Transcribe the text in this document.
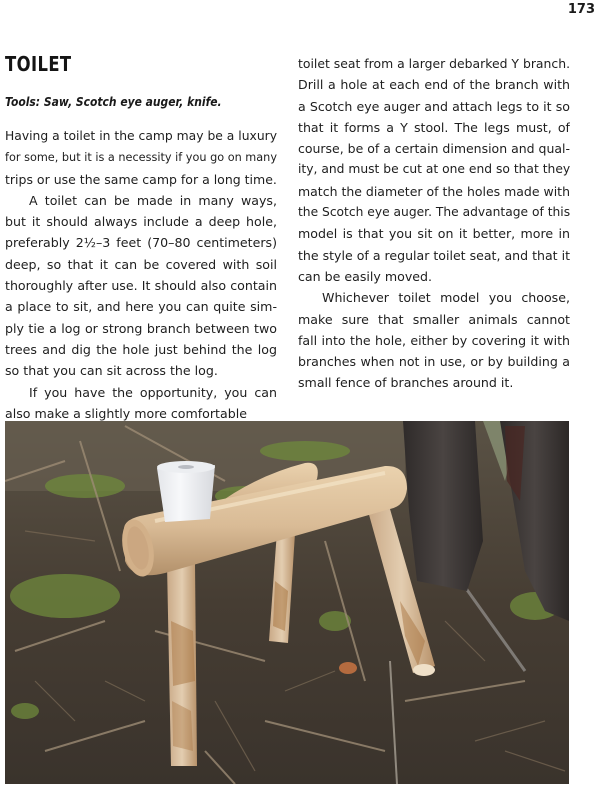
173
TOILET

Tools: Saw, Scotch eye auger, knife.

Having a toilet in the camp may be a luxury
for some, but it is a necessity if you go on many
trips or use the same camp for a long time.

A toilet can be made in many ways,
but it should always include a deep hole,
preferably 2½–3 feet (70–80 centimeters)
deep, so that it can be covered with soil
thoroughly after use. It should also contain
a place to sit, and here you can quite sim-
ply tie a log or strong branch between two
trees and dig the hole just behind the log
so that you can sit across the log.

If you have the opportunity, you can
also make a slightly more comfortable

toilet seat from a larger debarked Y branch.
Drill a hole at each end of the branch with
a Scotch eye auger and attach legs to it so
that it forms a Y stool. The legs must, of
course, be of a certain dimension and qual-
ity, and must be cut at one end so that they
match the diameter of the holes made with
the Scotch eye auger. The advantage of this
model is that you sit on it better, more in
the style of a regular toilet seat, and that it
can be easily moved.

Whichever toilet model you choose,
make sure that smaller animals cannot
fall into the hole, either by covering it with
branches when not in use, or by building a
small fence of branches around it.
